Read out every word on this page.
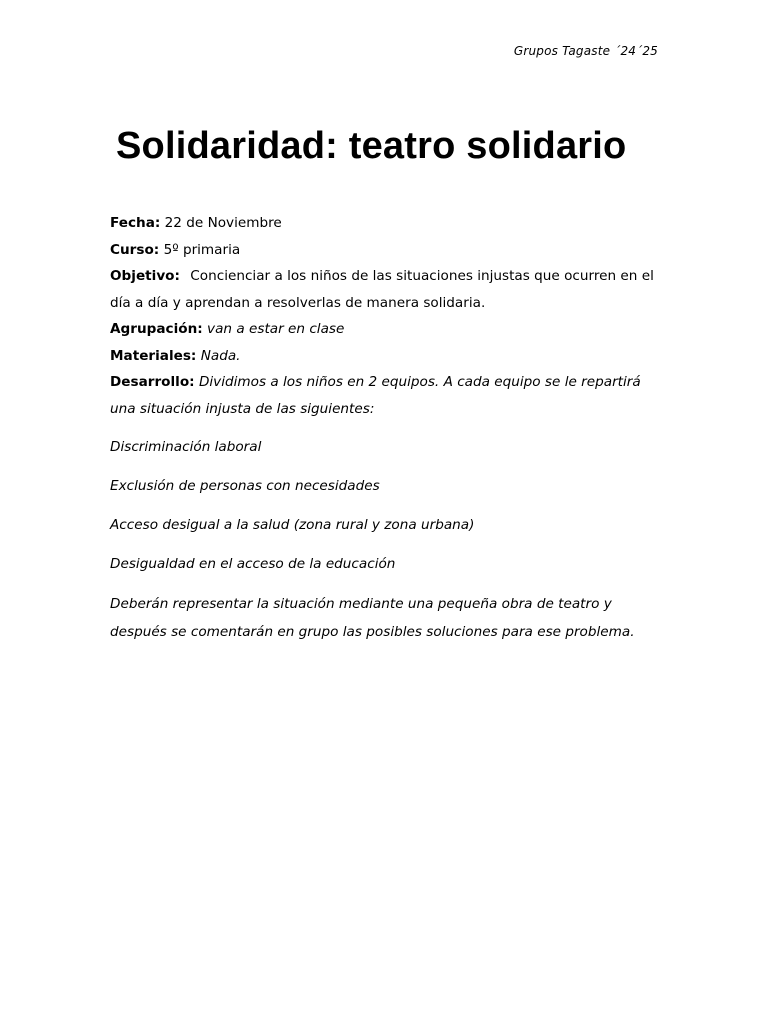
Grupos Tagaste ´24´25
Solidaridad: teatro solidario

Fecha: 22 de Noviembre

Curso: 5º primaria

Objetivo: Concienciar a los niños de las situaciones injustas que ocurren en el día a día y aprendan a resolverlas de manera solidaria.

Agrupación: van a estar en clase

Materiales: Nada.

Desarrollo: Dividimos a los niños en 2 equipos. A cada equipo se le repartirá una situación injusta de las siguientes:

Discriminación laboral

Exclusión de personas con necesidades

Acceso desigual a la salud (zona rural y zona urbana)

Desigualdad en el acceso de la educación

Deberán representar la situación mediante una pequeña obra de teatro y después se comentarán en grupo las posibles soluciones para ese problema.
